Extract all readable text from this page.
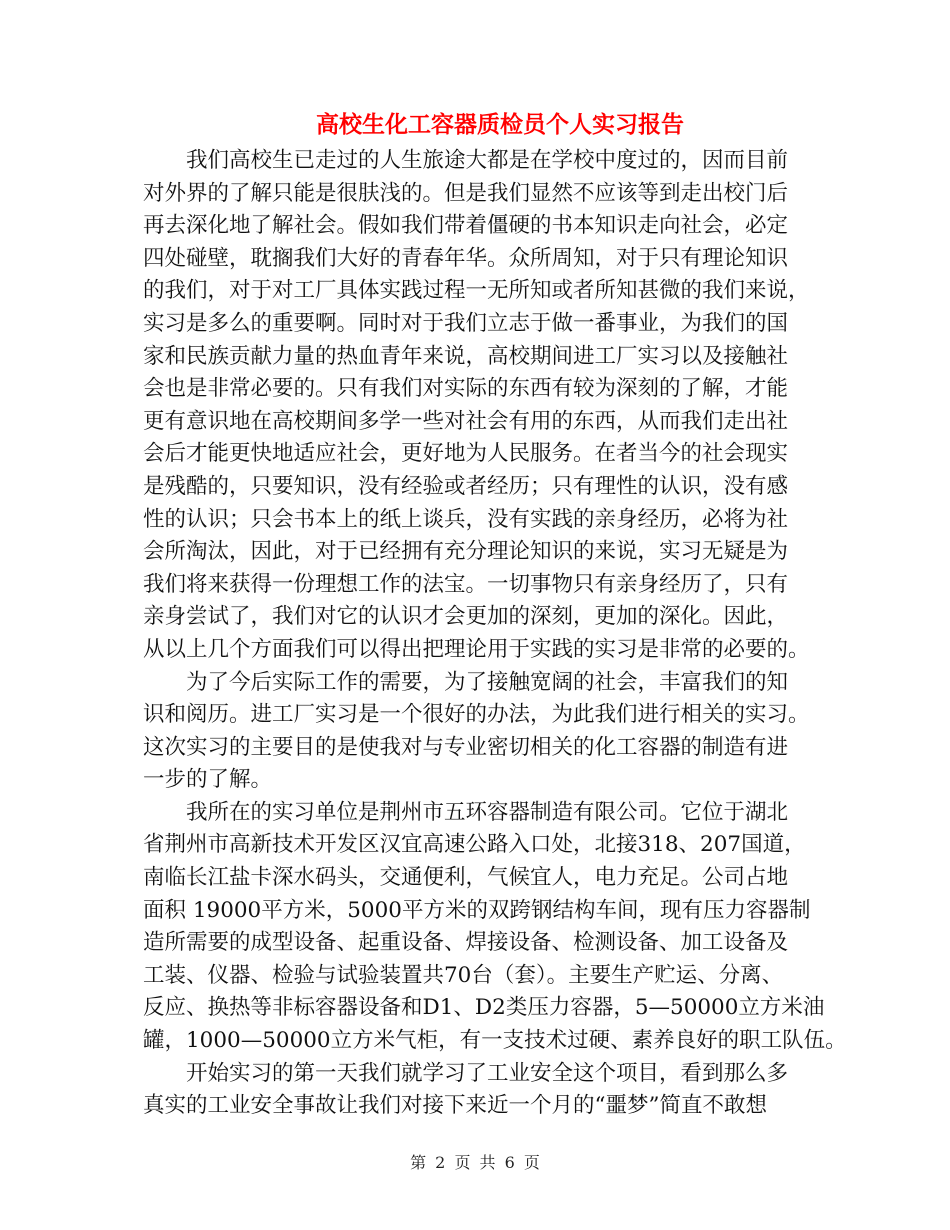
高校生化工容器质检员个人实习报告
我们高校生已走过的人生旅途大都是在学校中度过的，因而目前
对外界的了解只能是很肤浅的。但是我们显然不应该等到走出校门后
再去深化地了解社会。假如我们带着僵硬的书本知识走向社会，必定
四处碰壁，耽搁我们大好的青春年华。众所周知，对于只有理论知识
的我们，对于对工厂具体实践过程一无所知或者所知甚微的我们来说，
实习是多么的重要啊。同时对于我们立志于做一番事业，为我们的国
家和民族贡献力量的热血青年来说，高校期间进工厂实习以及接触社
会也是非常必要的。只有我们对实际的东西有较为深刻的了解，才能
更有意识地在高校期间多学一些对社会有用的东西，从而我们走出社
会后才能更快地适应社会，更好地为人民服务。在者当今的社会现实
是残酷的，只要知识，没有经验或者经历；只有理性的认识，没有感
性的认识；只会书本上的纸上谈兵，没有实践的亲身经历，必将为社
会所淘汰，因此，对于已经拥有充分理论知识的来说，实习无疑是为
我们将来获得一份理想工作的法宝。一切事物只有亲身经历了，只有
亲身尝试了，我们对它的认识才会更加的深刻，更加的深化。因此，
从以上几个方面我们可以得出把理论用于实践的实习是非常的必要的。
为了今后实际工作的需要，为了接触宽阔的社会，丰富我们的知
识和阅历。进工厂实习是一个很好的办法，为此我们进行相关的实习。
这次实习的主要目的是使我对与专业密切相关的化工容器的制造有进
一步的了解。
我所在的实习单位是荆州市五环容器制造有限公司。它位于湖北
省荆州市高新技术开发区汉宜高速公路入口处，北接318、207国道，
南临长江盐卡深水码头，交通便利，气候宜人，电力充足。公司占地
面积 19000平方米，5000平方米的双跨钢结构车间，现有压力容器制
造所需要的成型设备、起重设备、焊接设备、检测设备、加工设备及
工装、仪器、检验与试验装置共70台（套）。主要生产贮运、分离、
反应、换热等非标容器设备和D1、D2类压力容器，5—50000立方米油
罐，1000—50000立方米气柜，有一支技术过硬、素养良好的职工队伍。
开始实习的第一天我们就学习了工业安全这个项目，看到那么多
真实的工业安全事故让我们对接下来近一个月的“噩梦”简直不敢想
第 2 页 共 6 页
